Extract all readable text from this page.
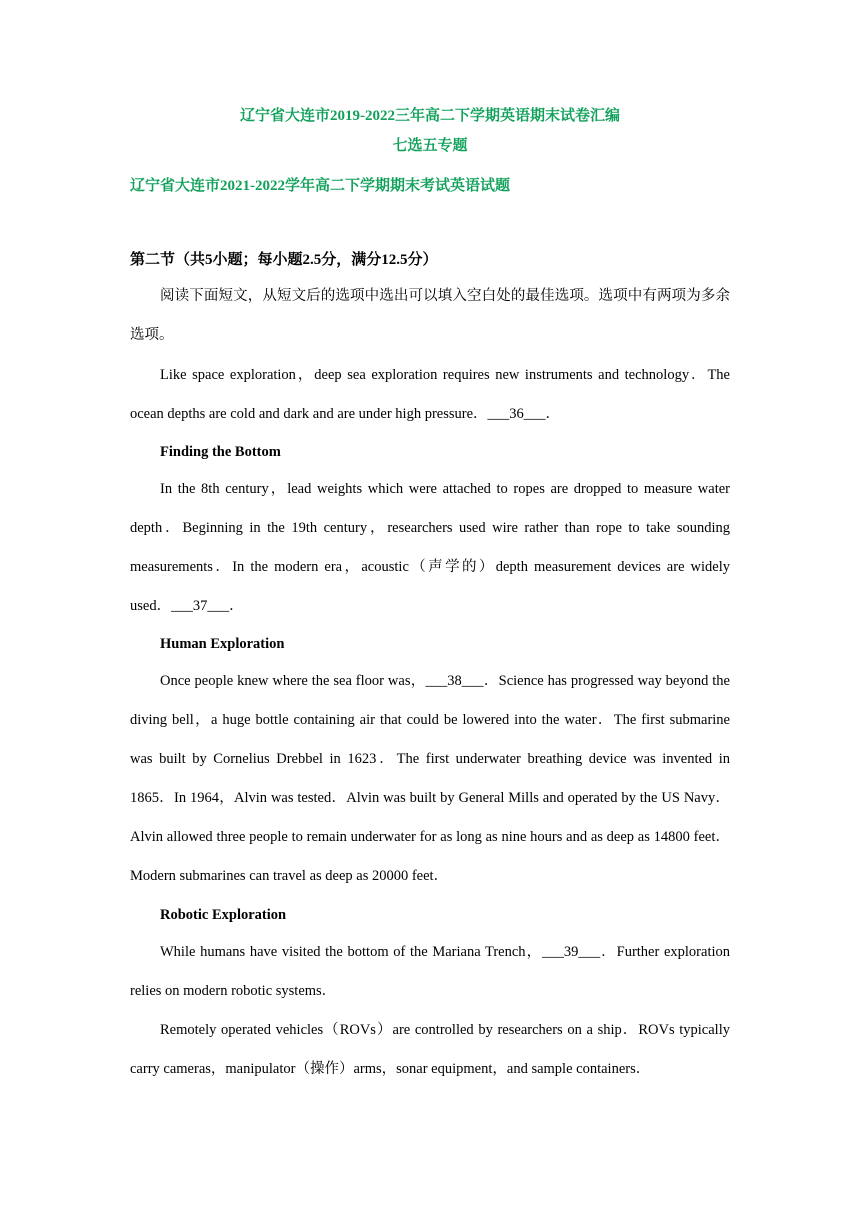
辽宁省大连市2019-2022三年高二下学期英语期末试卷汇编
七选五专题
辽宁省大连市2021-2022学年高二下学期期末考试英语试题
第二节（共5小题；每小题2.5分，满分12.5分）
阅读下面短文，从短文后的选项中选出可以填入空白处的最佳选项。选项中有两项为多余选项。
Like space exploration，deep sea exploration requires new instruments and technology．The ocean depths are cold and dark and are under high pressure．___36___．
Finding the Bottom
In the 8th century，lead weights which were attached to ropes are dropped to measure water depth．Beginning in the 19th century，researchers used wire rather than rope to take sounding measurements．In the modern era，acoustic（声学的）depth measurement devices are widely used．___37___．
Human Exploration
Once people knew where the sea floor was，___38___．Science has progressed way beyond the diving bell，a huge bottle containing air that could be lowered into the water．The first submarine was built by Cornelius Drebbel in 1623．The first underwater breathing device was invented in 1865．In 1964，Alvin was tested．Alvin was built by General Mills and operated by the US Navy．Alvin allowed three people to remain underwater for as long as nine hours and as deep as 14800 feet．Modern submarines can travel as deep as 20000 feet．
Robotic Exploration
While humans have visited the bottom of the Mariana Trench，___39___．Further exploration relies on modern robotic systems．
Remotely operated vehicles（ROVs）are controlled by researchers on a ship．ROVs typically carry cameras，manipulator（操作）arms，sonar equipment，and sample containers．
